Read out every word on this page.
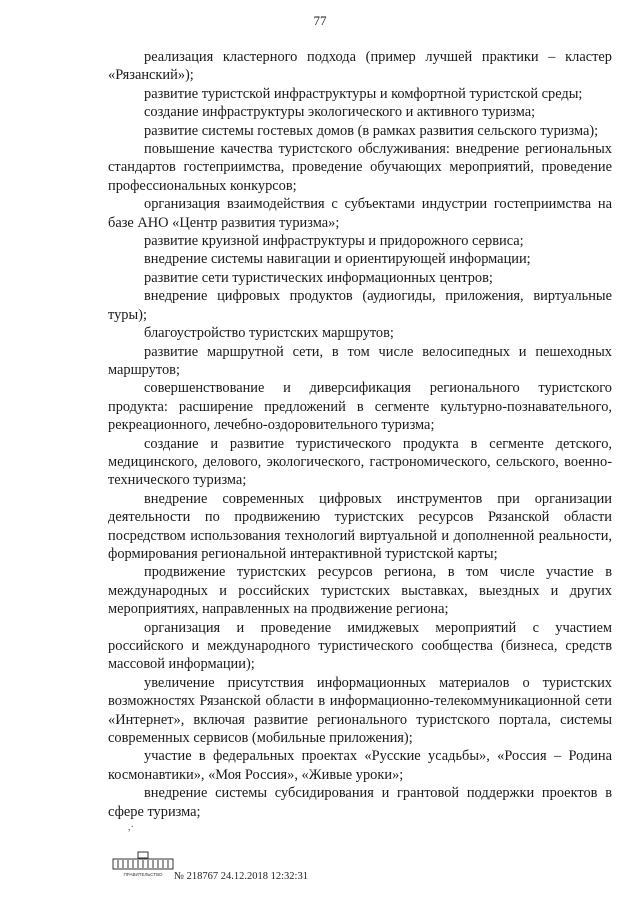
77

реализация кластерного подхода (пример лучшей практики – кластер «Рязанский»);

развитие туристской инфраструктуры и комфортной туристской среды;

создание инфраструктуры экологического и активного туризма;

развитие системы гостевых домов (в рамках развития сельского туризма);

повышение качества туристского обслуживания: внедрение региональных стандартов гостеприимства, проведение обучающих мероприятий, проведение профессиональных конкурсов;

организация взаимодействия с субъектами индустрии гостеприимства на базе АНО «Центр развития туризма»;

развитие круизной инфраструктуры и придорожного сервиса;

внедрение системы навигации и ориентирующей информации;

развитие сети туристических информационных центров;

внедрение цифровых продуктов (аудиогиды, приложения, виртуальные туры);

благоустройство туристских маршрутов;

развитие маршрутной сети, в том числе велосипедных и пешеходных маршрутов;

совершенствование и диверсификация регионального туристского продукта: расширение предложений в сегменте культурно-познавательного, рекреационного, лечебно-оздоровительного туризма;

создание и развитие туристического продукта в сегменте детского, медицинского, делового, экологического, гастрономического, сельского, военно-технического туризма;

внедрение современных цифровых инструментов при организации деятельности по продвижению туристских ресурсов Рязанской области посредством использования технологий виртуальной и дополненной реальности, формирования региональной интерактивной туристской карты;

продвижение туристских ресурсов региона, в том числе участие в международных и российских туристских выставках, выездных и других мероприятиях, направленных на продвижение региона;

организация и проведение имиджевых мероприятий с участием российского и международного туристического сообщества (бизнеса, средств массовой информации);

увеличение присутствия информационных материалов о туристских возможностях Рязанской области в информационно-телекоммуникационной сети «Интернет», включая развитие регионального туристского портала, системы современных сервисов (мобильные приложения);

участие в федеральных проектах «Русские усадьбы», «Россия – Родина космонавтики», «Моя Россия», «Живые уроки»;

внедрение системы субсидирования и грантовой поддержки проектов в сфере туризма;

,·
ПРАВИТЕЛЬСТВО № 218767 24.12.2018 12:32:31
